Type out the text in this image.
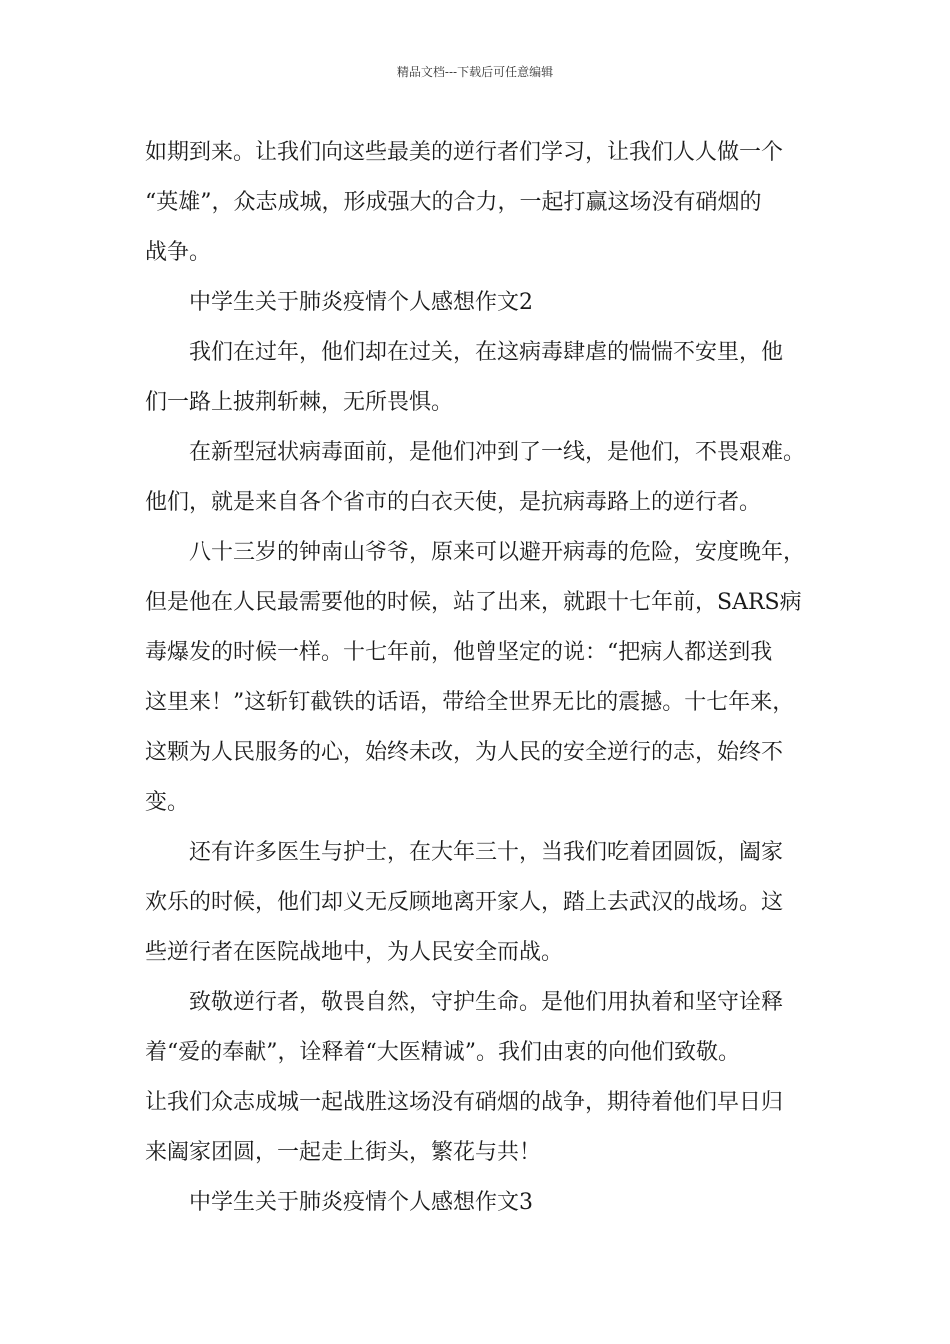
精品文档---下载后可任意编辑
如期到来。让我们向这些最美的逆行者们学习，让我们人人做一个
“英雄”，众志成城，形成强大的合力，一起打赢这场没有硝烟的
战争。
中学生关于肺炎疫情个人感想作文2
我们在过年，他们却在过关，在这病毒肆虐的惴惴不安里，他
们一路上披荆斩棘，无所畏惧。
在新型冠状病毒面前，是他们冲到了一线，是他们，不畏艰难。
他们，就是来自各个省市的白衣天使，是抗病毒路上的逆行者。
八十三岁的钟南山爷爷，原来可以避开病毒的危险，安度晚年，
但是他在人民最需要他的时候，站了出来，就跟十七年前，SARS病
毒爆发的时候一样。十七年前，他曾坚定的说：“把病人都送到我
这里来！”这斩钉截铁的话语，带给全世界无比的震撼。十七年来，
这颗为人民服务的心，始终未改，为人民的安全逆行的志，始终不
变。
还有许多医生与护士，在大年三十，当我们吃着团圆饭，阖家
欢乐的时候，他们却义无反顾地离开家人，踏上去武汉的战场。这
些逆行者在医院战地中，为人民安全而战。
致敬逆行者，敬畏自然，守护生命。是他们用执着和坚守诠释
着“爱的奉献”，诠释着“大医精诚”。我们由衷的向他们致敬。
让我们众志成城一起战胜这场没有硝烟的战争，期待着他们早日归
来阖家团圆，一起走上街头，繁花与共！
中学生关于肺炎疫情个人感想作文3
